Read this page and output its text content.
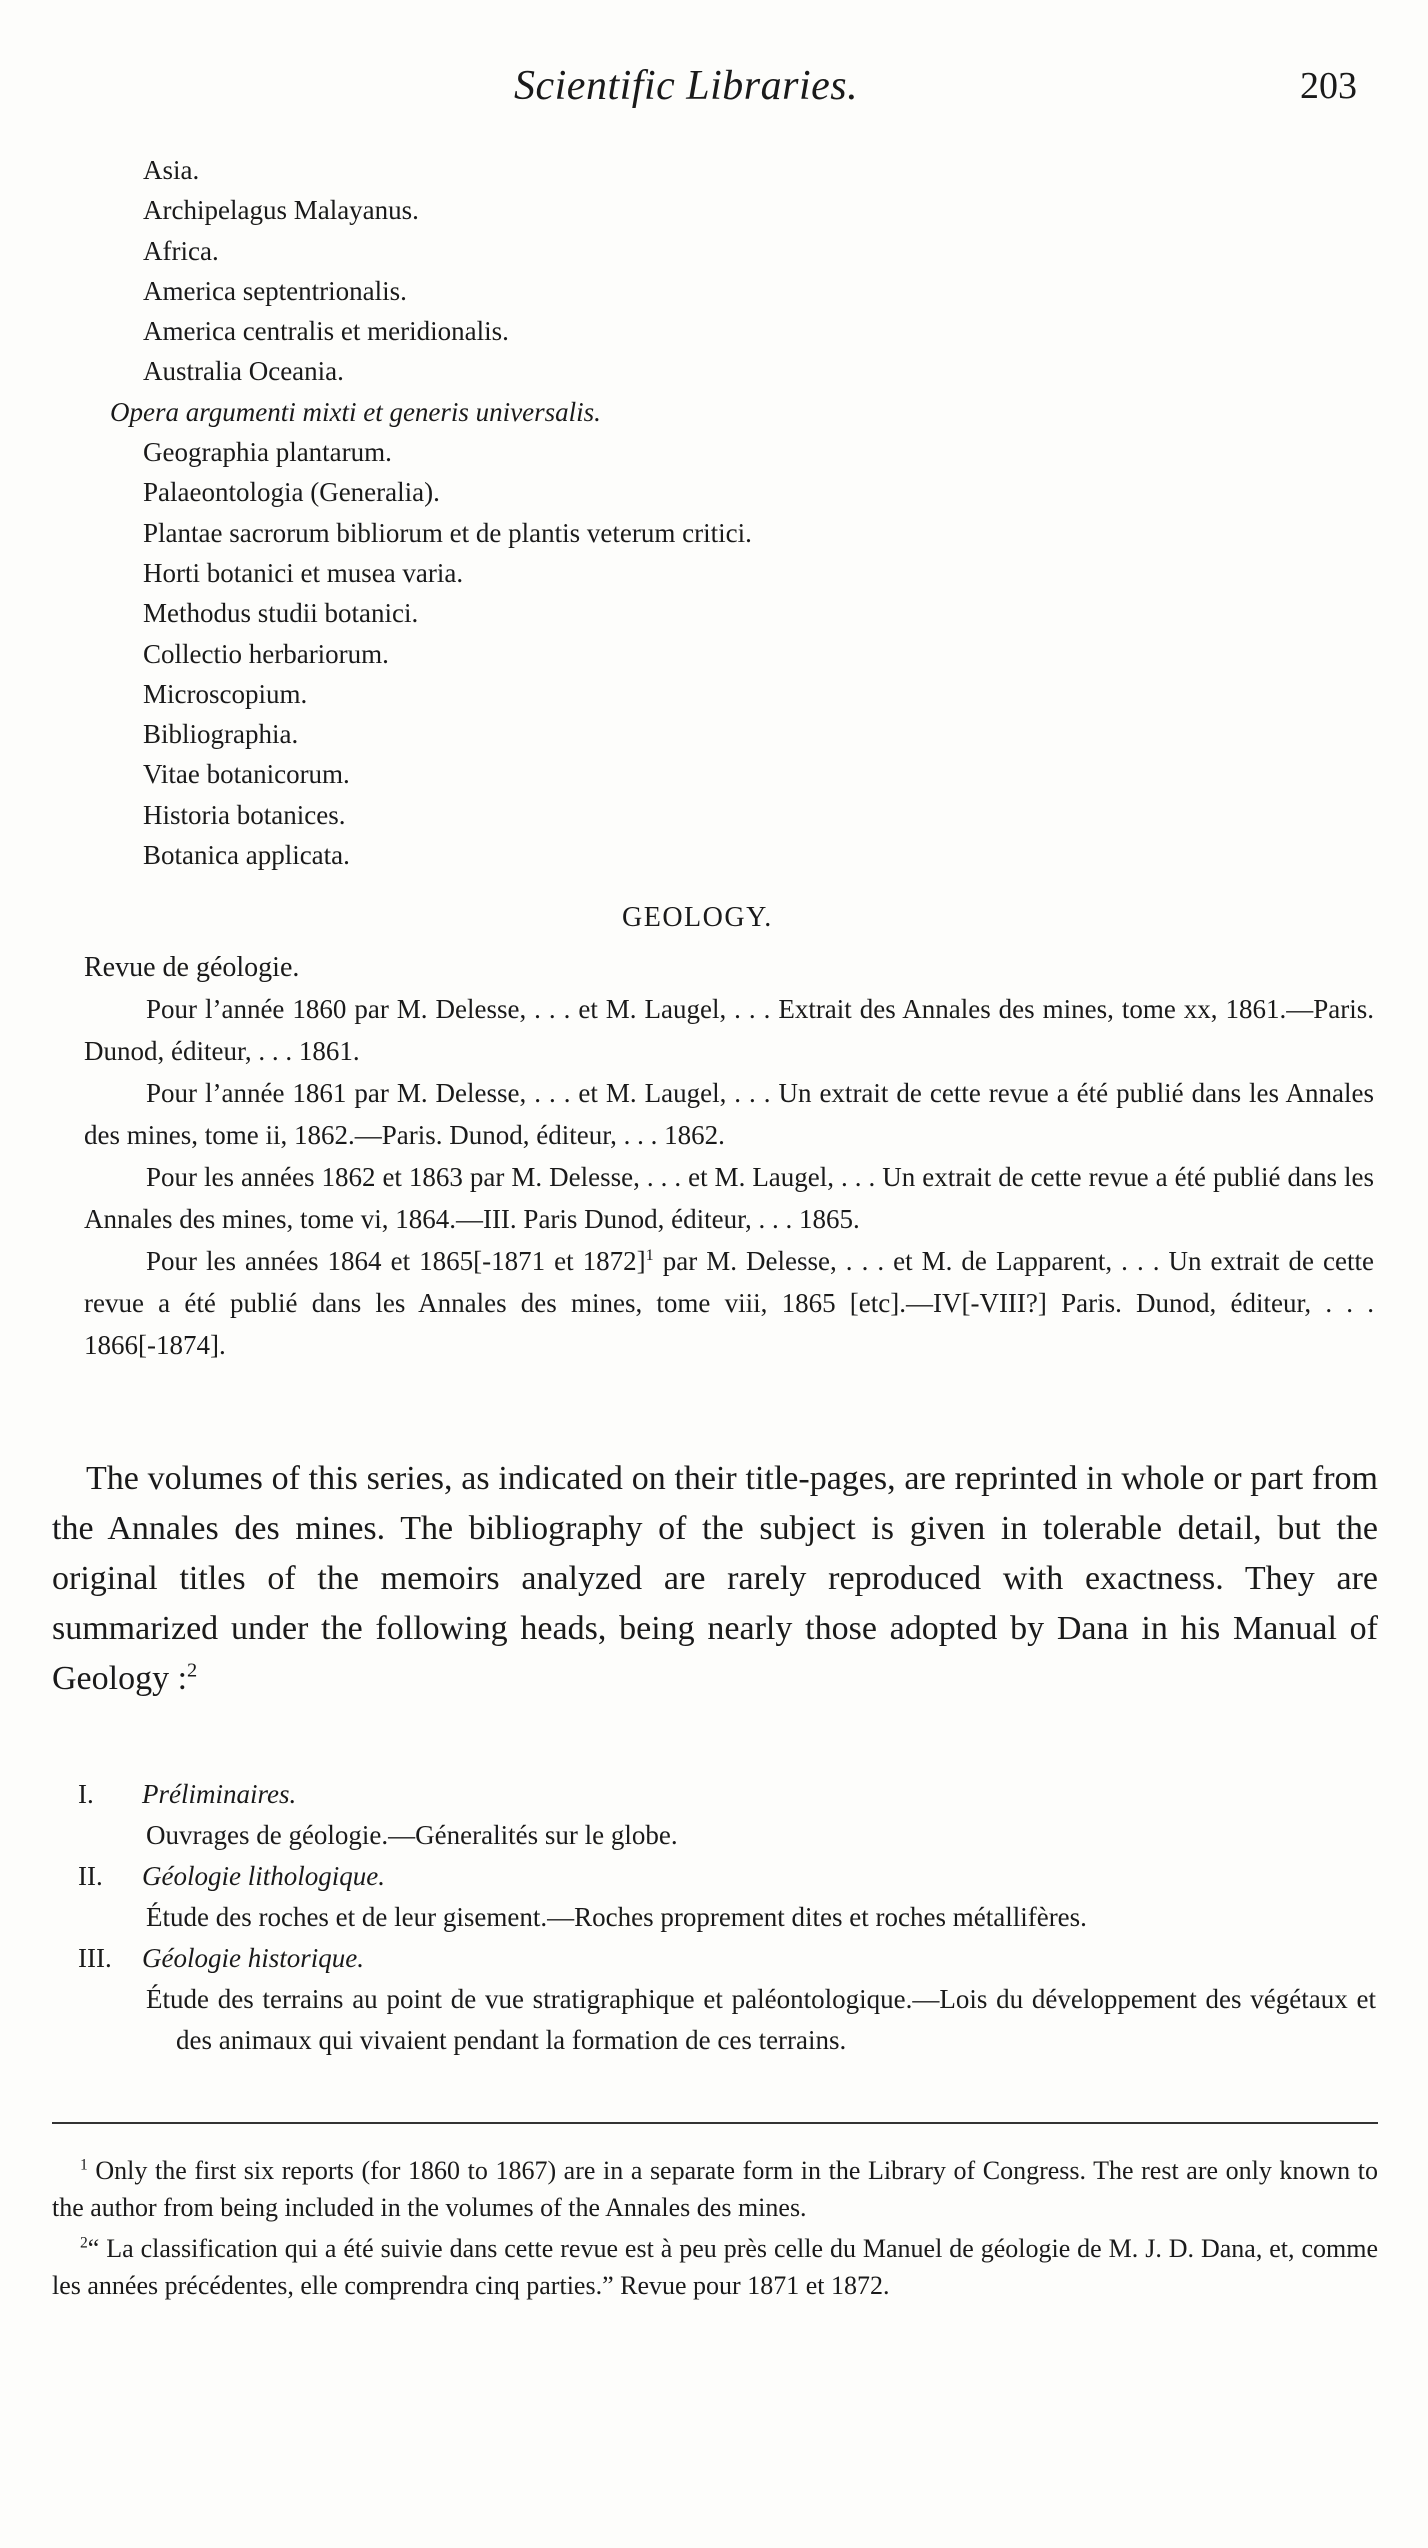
Scientific Libraries.	203
Asia.
Archipelagus Malayanus.
Africa.
America septentrionalis.
America centralis et meridionalis.
Australia Oceania.
Opera argumenti mixti et generis universalis.
Geographia plantarum.
Palaeontologia (Generalia).
Plantae sacrorum bibliorum et de plantis veterum critici.
Horti botanici et musea varia.
Methodus studii botanici.
Collectio herbariorum.
Microscopium.
Bibliographia.
Vitae botanicorum.
Historia botanices.
Botanica applicata.
GEOLOGY.
Revue de géologie.

Pour l’année 1860 par M. Delesse, . . . et M. Laugel, . . . Extrait des Annales des mines, tome xx, 1861.—Paris. Dunod, éditeur, . . . 1861.

Pour l’année 1861 par M. Delesse, . . . et M. Laugel, . . . Un extrait de cette revue a été publié dans les Annales des mines, tome ii, 1862.—Paris. Dunod, éditeur, . . . 1862.

Pour les années 1862 et 1863 par M. Delesse, . . . et M. Laugel, . . . Un extrait de cette revue a été publié dans les Annales des mines, tome vi, 1864.—III. Paris Dunod, éditeur, . . . 1865.

Pour les années 1864 et 1865[-1871 et 1872]$^1$ par M. Delesse, . . . et M. de Lapparent, . . . Un extrait de cette revue a été publié dans les Annales des mines, tome viii, 1865 [etc].—IV[-VIII?] Paris. Dunod, éditeur, . . . 1866[-1874].

The volumes of this series, as indicated on their title-pages, are reprinted in whole or part from the Annales des mines. The bibliography of the subject is given in tolerable detail, but the original titles of the memoirs analyzed are rarely reproduced with exactness. They are summarized under the following heads, being nearly those adopted by Dana in his Manual of Geology :$^2$

I. Préliminaires.
Ouvrages de géologie.—Géneralités sur le globe.
II. Géologie lithologique.
Étude des roches et de leur gisement.—Roches proprement dites et roches métallifères.
III. Géologie historique.
Étude des terrains au point de vue stratigraphique et paléontologique.—Lois du développement des végétaux et des animaux qui vivaient pendant la formation de ces terrains.

$^1$ Only the first six reports (for 1860 to 1867) are in a separate form in the Library of Congress. The rest are only known to the author from being included in the volumes of the Annales des mines.

$^2$“ La classification qui a été suivie dans cette revue est à peu près celle du Manuel de géologie de M. J. D. Dana, et, comme les années précédentes, elle comprendra cinq parties.” Revue pour 1871 et 1872.
